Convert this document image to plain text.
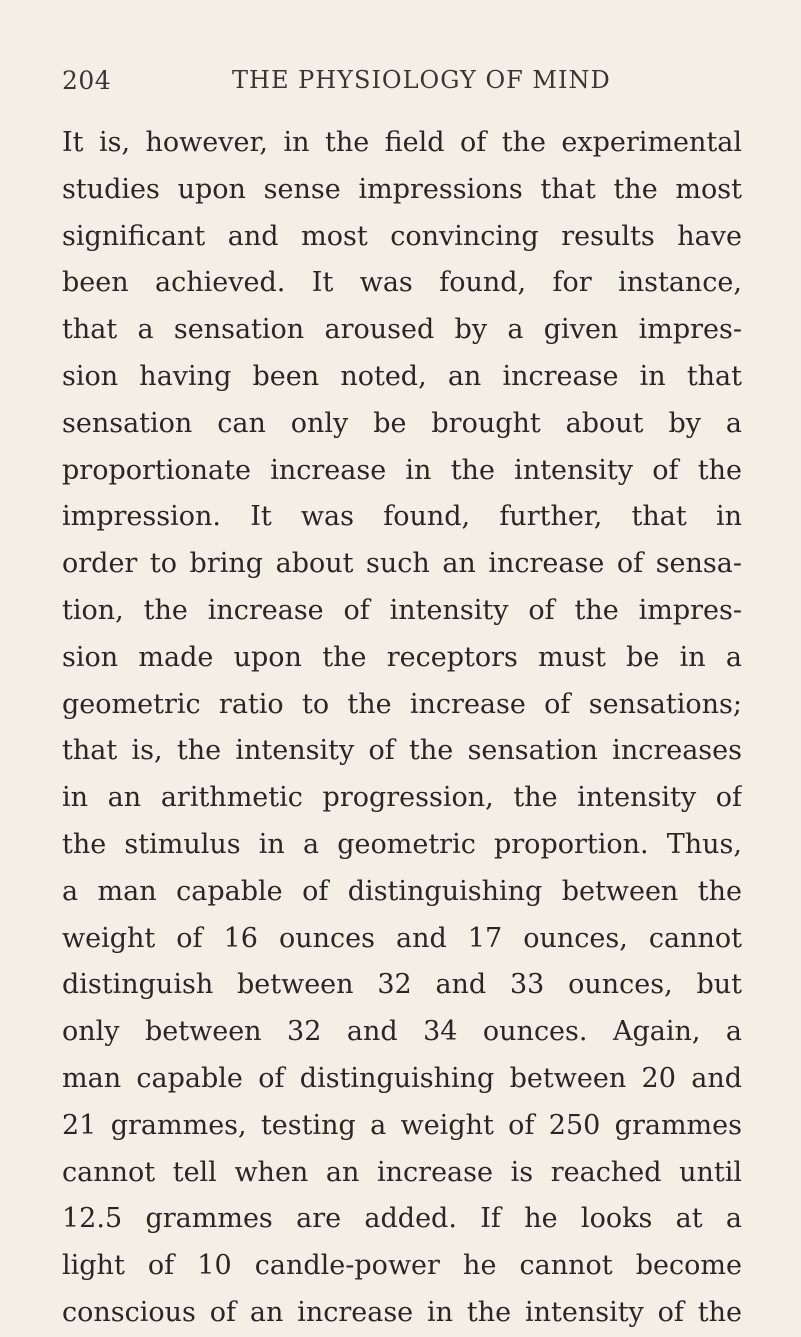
204	THE PHYSIOLOGY OF MIND
It is, however, in the field of the experimental
studies upon sense impressions that the most
significant and most convincing results have
been achieved. It was found, for instance,
that a sensation aroused by a given impres-
sion having been noted, an increase in that
sensation can only be brought about by a
proportionate increase in the intensity of the
impression. It was found, further, that in
order to bring about such an increase of sensa-
tion, the increase of intensity of the impres-
sion made upon the receptors must be in a
geometric ratio to the increase of sensations;
that is, the intensity of the sensation increases
in an arithmetic progression, the intensity of
the stimulus in a geometric proportion. Thus,
a man capable of distinguishing between the
weight of 16 ounces and 17 ounces, cannot
distinguish between 32 and 33 ounces, but
only between 32 and 34 ounces. Again, a
man capable of distinguishing between 20 and
21 grammes, testing a weight of 250 grammes
cannot tell when an increase is reached until
12.5 grammes are added. If he looks at a
light of 10 candle-power he cannot become
conscious of an increase in the intensity of the
